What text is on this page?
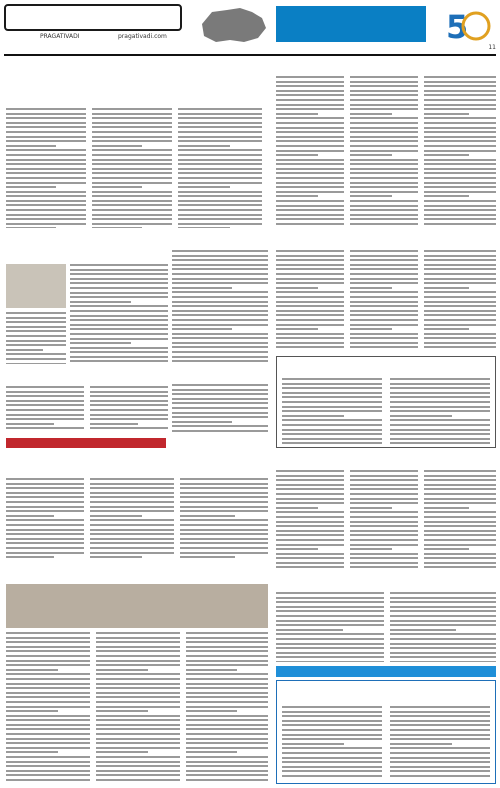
PRAGATIVADI	pragativadi.com	5
11
